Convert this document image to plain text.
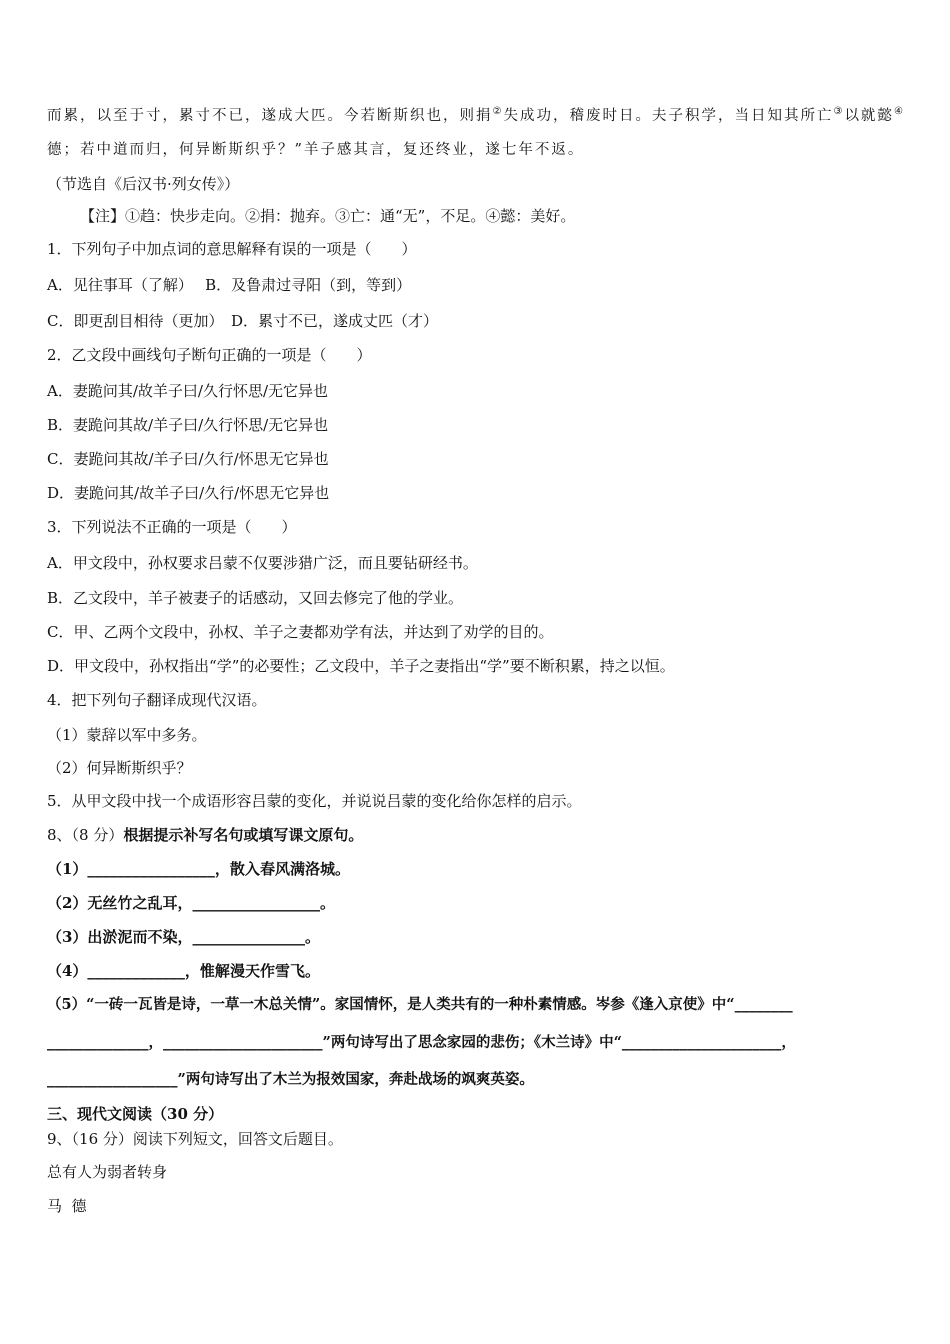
而累，以至于寸，累寸不已，遂成大匹。今若断斯织也，则捐②失成功，稽废时日。夫子积学，当日知其所亡③以就懿④
德；若中道而归，何异断斯织乎？”羊子感其言，复还终业，遂七年不返。
（节选自《后汉书·列女传》）
【注】①趋：快步走向。②捐：抛弃。③亡：通“无”，不足。④懿：美好。
1．下列句子中加点词的意思解释有误的一项是（　　）
A．见往事耳（了解）　 B．及鲁肃过寻阳（到，等到）
C．即更刮目相待（更加）　D．累寸不已，遂成丈匹（才）
2．乙文段中画线句子断句正确的一项是（　　）
A．妻跪问其/故羊子曰/久行怀思/无它异也
B．妻跪问其故/羊子曰/久行怀思/无它异也
C．妻跪问其故/羊子曰/久行/怀思无它异也
D．妻跪问其/故羊子曰/久行/怀思无它异也
3．下列说法不正确的一项是（　　）
A．甲文段中，孙权要求吕蒙不仅要涉猎广泛，而且要钻研经书。
B．乙文段中，羊子被妻子的话感动，又回去修完了他的学业。
C．甲、乙两个文段中，孙权、羊子之妻都劝学有法，并达到了劝学的目的。
D．甲文段中，孙权指出“学”的必要性；乙文段中，羊子之妻指出“学”要不断积累，持之以恒。
4．把下列句子翻译成现代汉语。
（1）蒙辞以军中多务。
（2）何异断斯织乎？
5．从甲文段中找一个成语形容吕蒙的变化，并说说吕蒙的变化给你怎样的启示。
8、（8 分）根据提示补写名句或填写课文原句。
（1）_________________，散入春风满洛城。
（2）无丝竹之乱耳，_________________。
（3）出淤泥而不染，_______________。
（4）_____________，惟解漫天作雪飞。
（5）“一砖一瓦皆是诗，一草一木总关情”。家国情怀，是人类共有的一种朴素情感。岑参《逢入京使》中“________
______________，______________________”两句诗写出了思念家园的悲伤；《木兰诗》中“______________________，
__________________”两句诗写出了木兰为报效国家，奔赴战场的飒爽英姿。
三、现代文阅读（30 分）
9、（16 分）阅读下列短文，回答文后题目。
总有人为弱者转身
马  德
